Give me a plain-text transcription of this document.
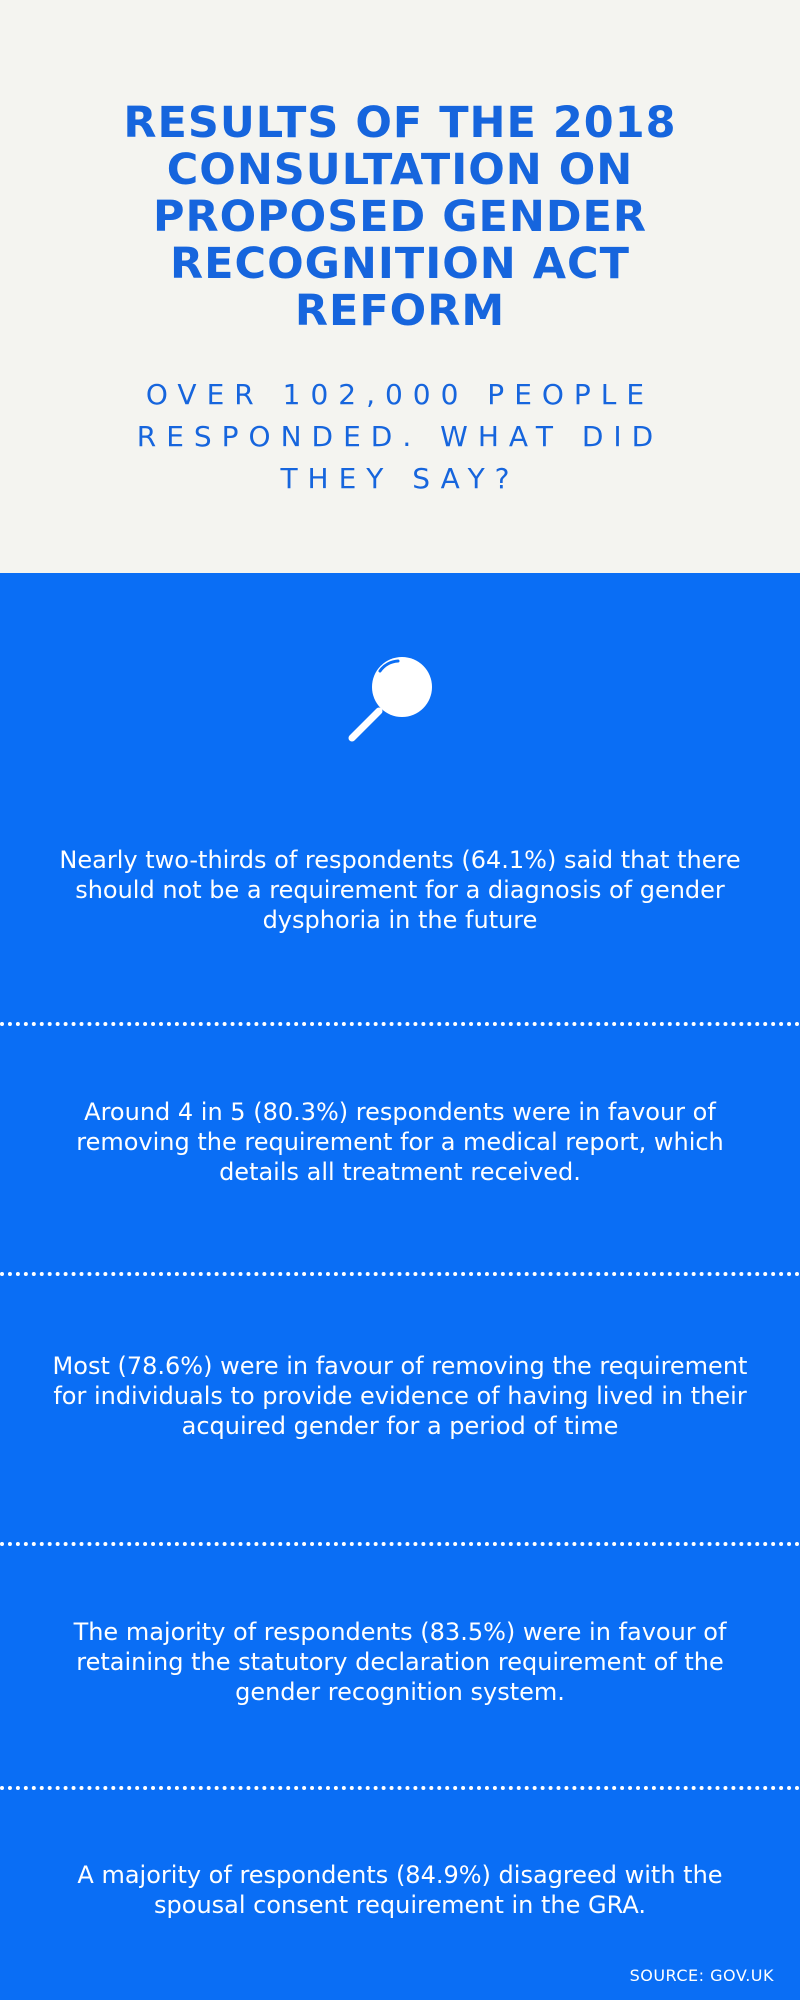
RESULTS OF THE 2018 CONSULTATION ON PROPOSED GENDER RECOGNITION ACT REFORM
OVER 102,000 PEOPLE RESPONDED. WHAT DID THEY SAY?
Nearly two-thirds of respondents (64.1%) said that there should not be a requirement for a diagnosis of gender dysphoria in the future
Around 4 in 5 (80.3%) respondents were in favour of removing the requirement for a medical report, which details all treatment received.
Most (78.6%) were in favour of removing the requirement for individuals to provide evidence of having lived in their acquired gender for a period of time
The majority of respondents (83.5%) were in favour of retaining the statutory declaration requirement of the gender recognition system.
A majority of respondents (84.9%) disagreed with the spousal consent requirement in the GRA.
SOURCE: GOV.UK
